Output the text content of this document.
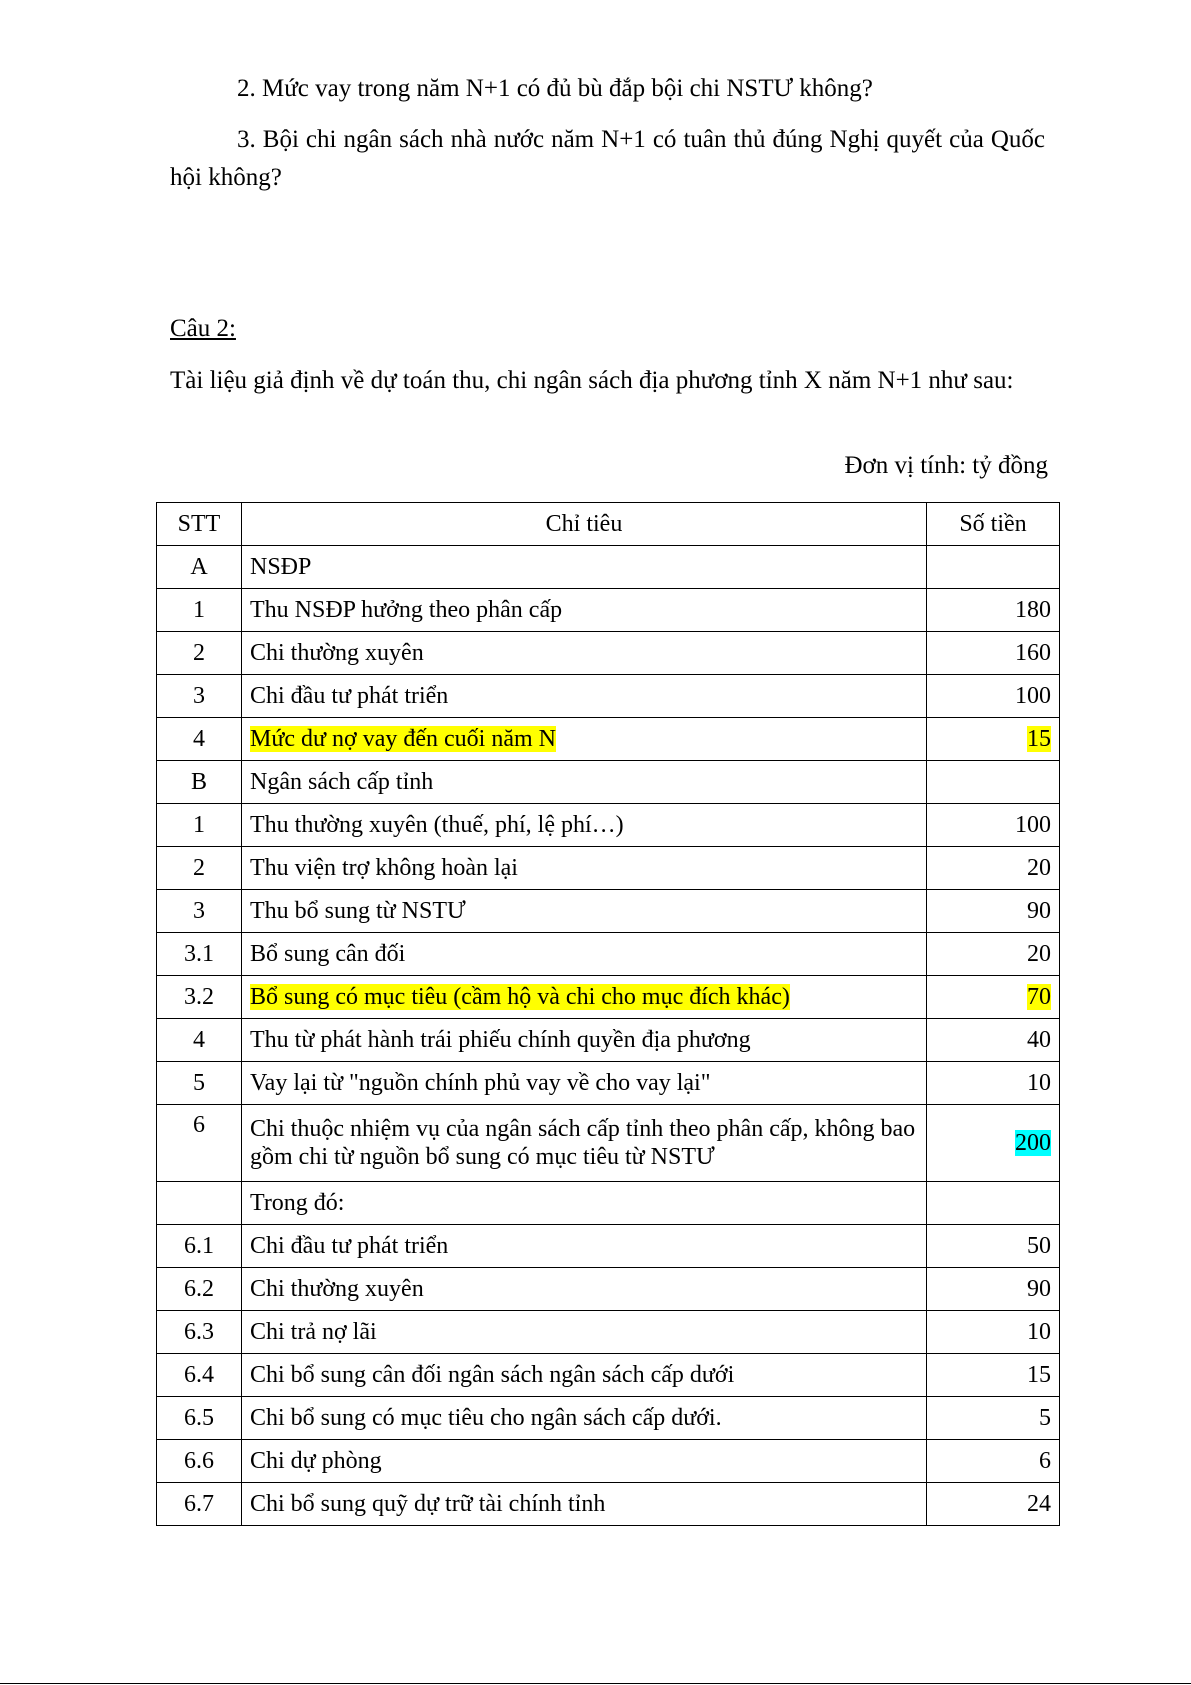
2. Mức vay trong năm N+1 có đủ bù đắp bội chi NSTƯ không?
3. Bội chi ngân sách nhà nước năm N+1 có tuân thủ đúng Nghị quyết của Quốc hội không?
Câu 2:
Tài liệu giả định về dự toán thu, chi ngân sách địa phương tỉnh X năm N+1 như sau:
Đơn vị tính: tỷ đồng
STT	Chỉ tiêu	Số tiền
A	NSĐP	
1	Thu NSĐP hưởng theo phân cấp	180
2	Chi thường xuyên	160
3	Chi đầu tư phát triển	100
4	Mức dư nợ vay đến cuối năm N	15
B	Ngân sách cấp tỉnh	
1	Thu thường xuyên (thuế, phí, lệ phí…)	100
2	Thu viện trợ không hoàn lại	20
3	Thu bổ sung từ NSTƯ	90
3.1	Bổ sung cân đối	20
3.2	Bổ sung có mục tiêu (cầm hộ và chi cho mục đích khác)	70
4	Thu từ phát hành trái phiếu chính quyền địa phương	40
5	Vay lại từ "nguồn chính phủ vay về cho vay lại"	10
6	Chi thuộc nhiệm vụ của ngân sách cấp tỉnh theo phân cấp, không bao gồm chi từ nguồn bổ sung có mục tiêu từ NSTƯ	200
	Trong đó:	
6.1	Chi đầu tư phát triển	50
6.2	Chi thường xuyên	90
6.3	Chi trả nợ lãi	10
6.4	Chi bổ sung cân đối ngân sách ngân sách cấp dưới	15
6.5	Chi bổ sung có mục tiêu cho ngân sách cấp dưới.	5
6.6	Chi dự phòng	6
6.7	Chi bổ sung quỹ dự trữ tài chính tỉnh	24
